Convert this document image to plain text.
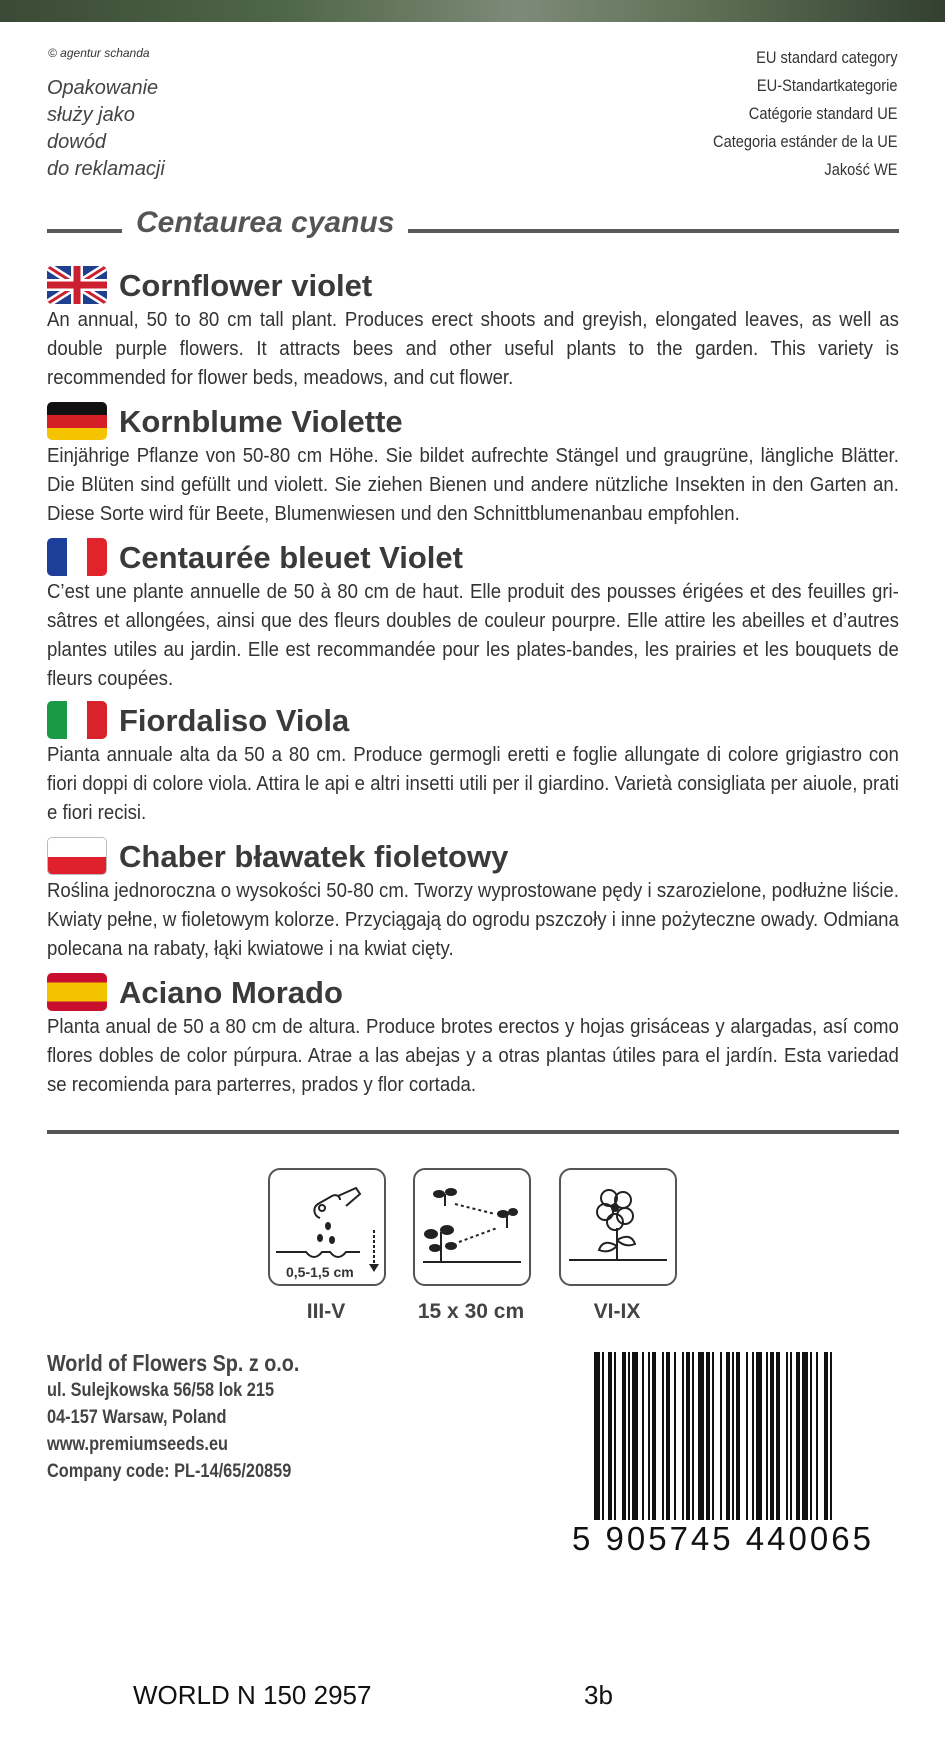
© agentur schanda
Opakowanie
służy jako
dowód
do reklamacji
EU standard category
EU-Standartkategorie
Catégorie standard UE
Categoria estánder de la UE
Jakość WE
Centaurea cyanus
Cornflower violet
An annual, 50 to 80 cm tall plant. Produces erect shoots and greyish, elongated leaves, as well as double purple flowers. It attracts bees and other useful plants to the garden. This variety is recommended for flower beds, meadows, and cut flower.
Kornblume Violette
Einjährige Pflanze von 50-80 cm Höhe. Sie bildet aufrechte Stängel und graugrüne, längliche Blätter. Die Blüten sind gefüllt und violett. Sie ziehen Bienen und andere nützliche Insekten in den Garten an. Diese Sorte wird für Beete, Blumenwiesen und den Schnittblumenanbau empfohlen.
Centaurée bleuet Violet
C’est une plante annuelle de 50 à 80 cm de haut. Elle produit des pousses érigées et des feuilles gri-sâtres et allongées, ainsi que des fleurs doubles de couleur pourpre. Elle attire les abeilles et d’autres plantes utiles au jardin. Elle est recommandée pour les plates-bandes, les prairies et les bouquets de fleurs coupées.
Fiordaliso Viola
Pianta annuale alta da 50 a 80 cm. Produce germogli eretti e foglie allungate di colore grigiastro con fiori doppi di colore viola. Attira le api e altri insetti utili per il giardino. Varietà consigliata per aiuole, prati e fiori recisi.
Chaber bławatek fioletowy
Roślina jednoroczna o wysokości 50-80 cm. Tworzy wyprostowane pędy i szarozielone, podłużne liście. Kwiaty pełne, w fioletowym kolorze. Przyciągają do ogrodu pszczoły i inne pożyteczne owady. Odmiana polecana na rabaty, łąki kwiatowe i na kwiat cięty.
Aciano Morado
Planta anual de 50 a 80 cm de altura. Produce brotes erectos y hojas grisáceas y alargadas, así como flores dobles de color púrpura. Atrae a las abejas y a otras plantas útiles para el jardín. Esta variedad se recomienda para parterres, prados y flor cortada.
0,5-1,5 cm
III-V	15 x 30 cm	VI-IX
World of Flowers Sp. z o.o.
ul. Sulejkowska 56/58 lok 215
04-157 Warsaw, Poland
www.premiumseeds.eu
Company code: PL-14/65/20859
5 905745 440065
WORLD N 150 2957	3b
